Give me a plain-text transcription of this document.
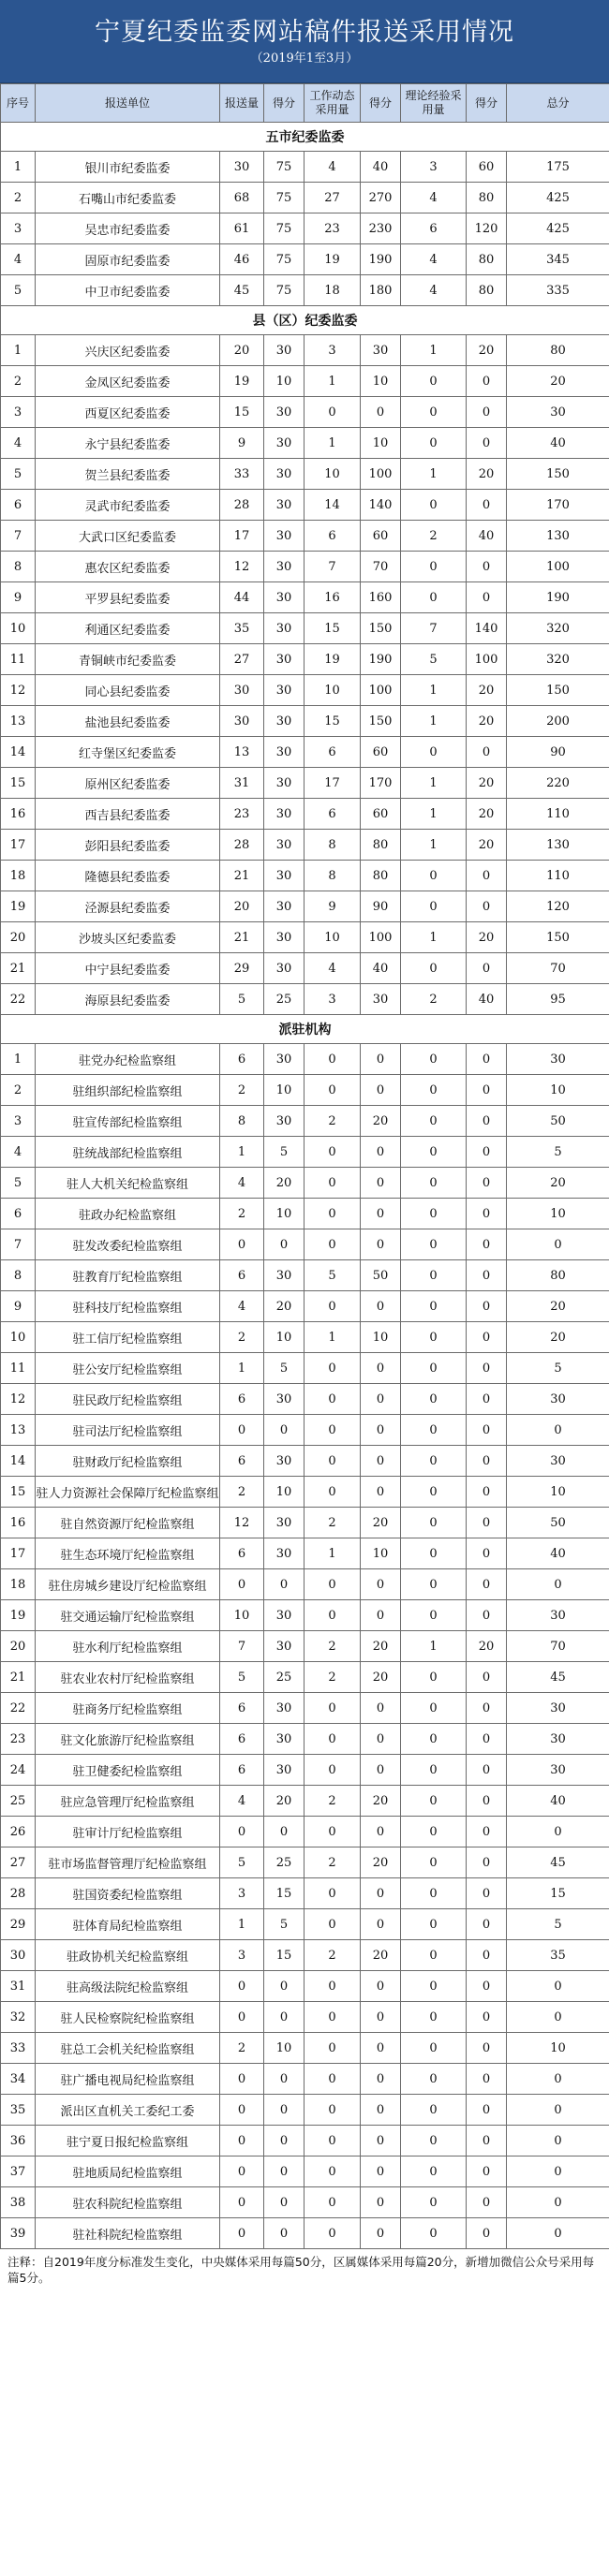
宁夏纪委监委网站稿件报送采用情况
（2019年1至3月）
序号	报送单位	报送量	得分	工作动态采用量	得分	理论经验采用量	得分	总分
五市纪委监委								
1	银川市纪委监委	30	75	4	40	3	60	175
2	石嘴山市纪委监委	68	75	27	270	4	80	425
3	吴忠市纪委监委	61	75	23	230	6	120	425
4	固原市纪委监委	46	75	19	190	4	80	345
5	中卫市纪委监委	45	75	18	180	4	80	335
县（区）纪委监委								
1	兴庆区纪委监委	20	30	3	30	1	20	80
2	金凤区纪委监委	19	10	1	10	0	0	20
3	西夏区纪委监委	15	30	0	0	0	0	30
4	永宁县纪委监委	9	30	1	10	0	0	40
5	贺兰县纪委监委	33	30	10	100	1	20	150
6	灵武市纪委监委	28	30	14	140	0	0	170
7	大武口区纪委监委	17	30	6	60	2	40	130
8	惠农区纪委监委	12	30	7	70	0	0	100
9	平罗县纪委监委	44	30	16	160	0	0	190
10	利通区纪委监委	35	30	15	150	7	140	320
11	青铜峡市纪委监委	27	30	19	190	5	100	320
12	同心县纪委监委	30	30	10	100	1	20	150
13	盐池县纪委监委	30	30	15	150	1	20	200
14	红寺堡区纪委监委	13	30	6	60	0	0	90
15	原州区纪委监委	31	30	17	170	1	20	220
16	西吉县纪委监委	23	30	6	60	1	20	110
17	彭阳县纪委监委	28	30	8	80	1	20	130
18	隆德县纪委监委	21	30	8	80	0	0	110
19	泾源县纪委监委	20	30	9	90	0	0	120
20	沙坡头区纪委监委	21	30	10	100	1	20	150
21	中宁县纪委监委	29	30	4	40	0	0	70
22	海原县纪委监委	5	25	3	30	2	40	95
派驻机构								
1	驻党办纪检监察组	6	30	0	0	0	0	30
2	驻组织部纪检监察组	2	10	0	0	0	0	10
3	驻宣传部纪检监察组	8	30	2	20	0	0	50
4	驻统战部纪检监察组	1	5	0	0	0	0	5
5	驻人大机关纪检监察组	4	20	0	0	0	0	20
6	驻政办纪检监察组	2	10	0	0	0	0	10
7	驻发改委纪检监察组	0	0	0	0	0	0	0
8	驻教育厅纪检监察组	6	30	5	50	0	0	80
9	驻科技厅纪检监察组	4	20	0	0	0	0	20
10	驻工信厅纪检监察组	2	10	1	10	0	0	20
11	驻公安厅纪检监察组	1	5	0	0	0	0	5
12	驻民政厅纪检监察组	6	30	0	0	0	0	30
13	驻司法厅纪检监察组	0	0	0	0	0	0	0
14	驻财政厅纪检监察组	6	30	0	0	0	0	30
15	驻人力资源社会保障厅纪检监察组	2	10	0	0	0	0	10
16	驻自然资源厅纪检监察组	12	30	2	20	0	0	50
17	驻生态环境厅纪检监察组	6	30	1	10	0	0	40
18	驻住房城乡建设厅纪检监察组	0	0	0	0	0	0	0
19	驻交通运输厅纪检监察组	10	30	0	0	0	0	30
20	驻水利厅纪检监察组	7	30	2	20	1	20	70
21	驻农业农村厅纪检监察组	5	25	2	20	0	0	45
22	驻商务厅纪检监察组	6	30	0	0	0	0	30
23	驻文化旅游厅纪检监察组	6	30	0	0	0	0	30
24	驻卫健委纪检监察组	6	30	0	0	0	0	30
25	驻应急管理厅纪检监察组	4	20	2	20	0	0	40
26	驻审计厅纪检监察组	0	0	0	0	0	0	0
27	驻市场监督管理厅纪检监察组	5	25	2	20	0	0	45
28	驻国资委纪检监察组	3	15	0	0	0	0	15
29	驻体育局纪检监察组	1	5	0	0	0	0	5
30	驻政协机关纪检监察组	3	15	2	20	0	0	35
31	驻高级法院纪检监察组	0	0	0	0	0	0	0
32	驻人民检察院纪检监察组	0	0	0	0	0	0	0
33	驻总工会机关纪检监察组	2	10	0	0	0	0	10
34	驻广播电视局纪检监察组	0	0	0	0	0	0	0
35	派出区直机关工委纪工委	0	0	0	0	0	0	0
36	驻宁夏日报纪检监察组	0	0	0	0	0	0	0
37	驻地质局纪检监察组	0	0	0	0	0	0	0
38	驻农科院纪检监察组	0	0	0	0	0	0	0
39	驻社科院纪检监察组	0	0	0	0	0	0	0
注释：自2019年度分标准发生变化，中央媒体采用每篇50分，区属媒体采用每篇20分，新增加微信公众号采用每篇5分。
